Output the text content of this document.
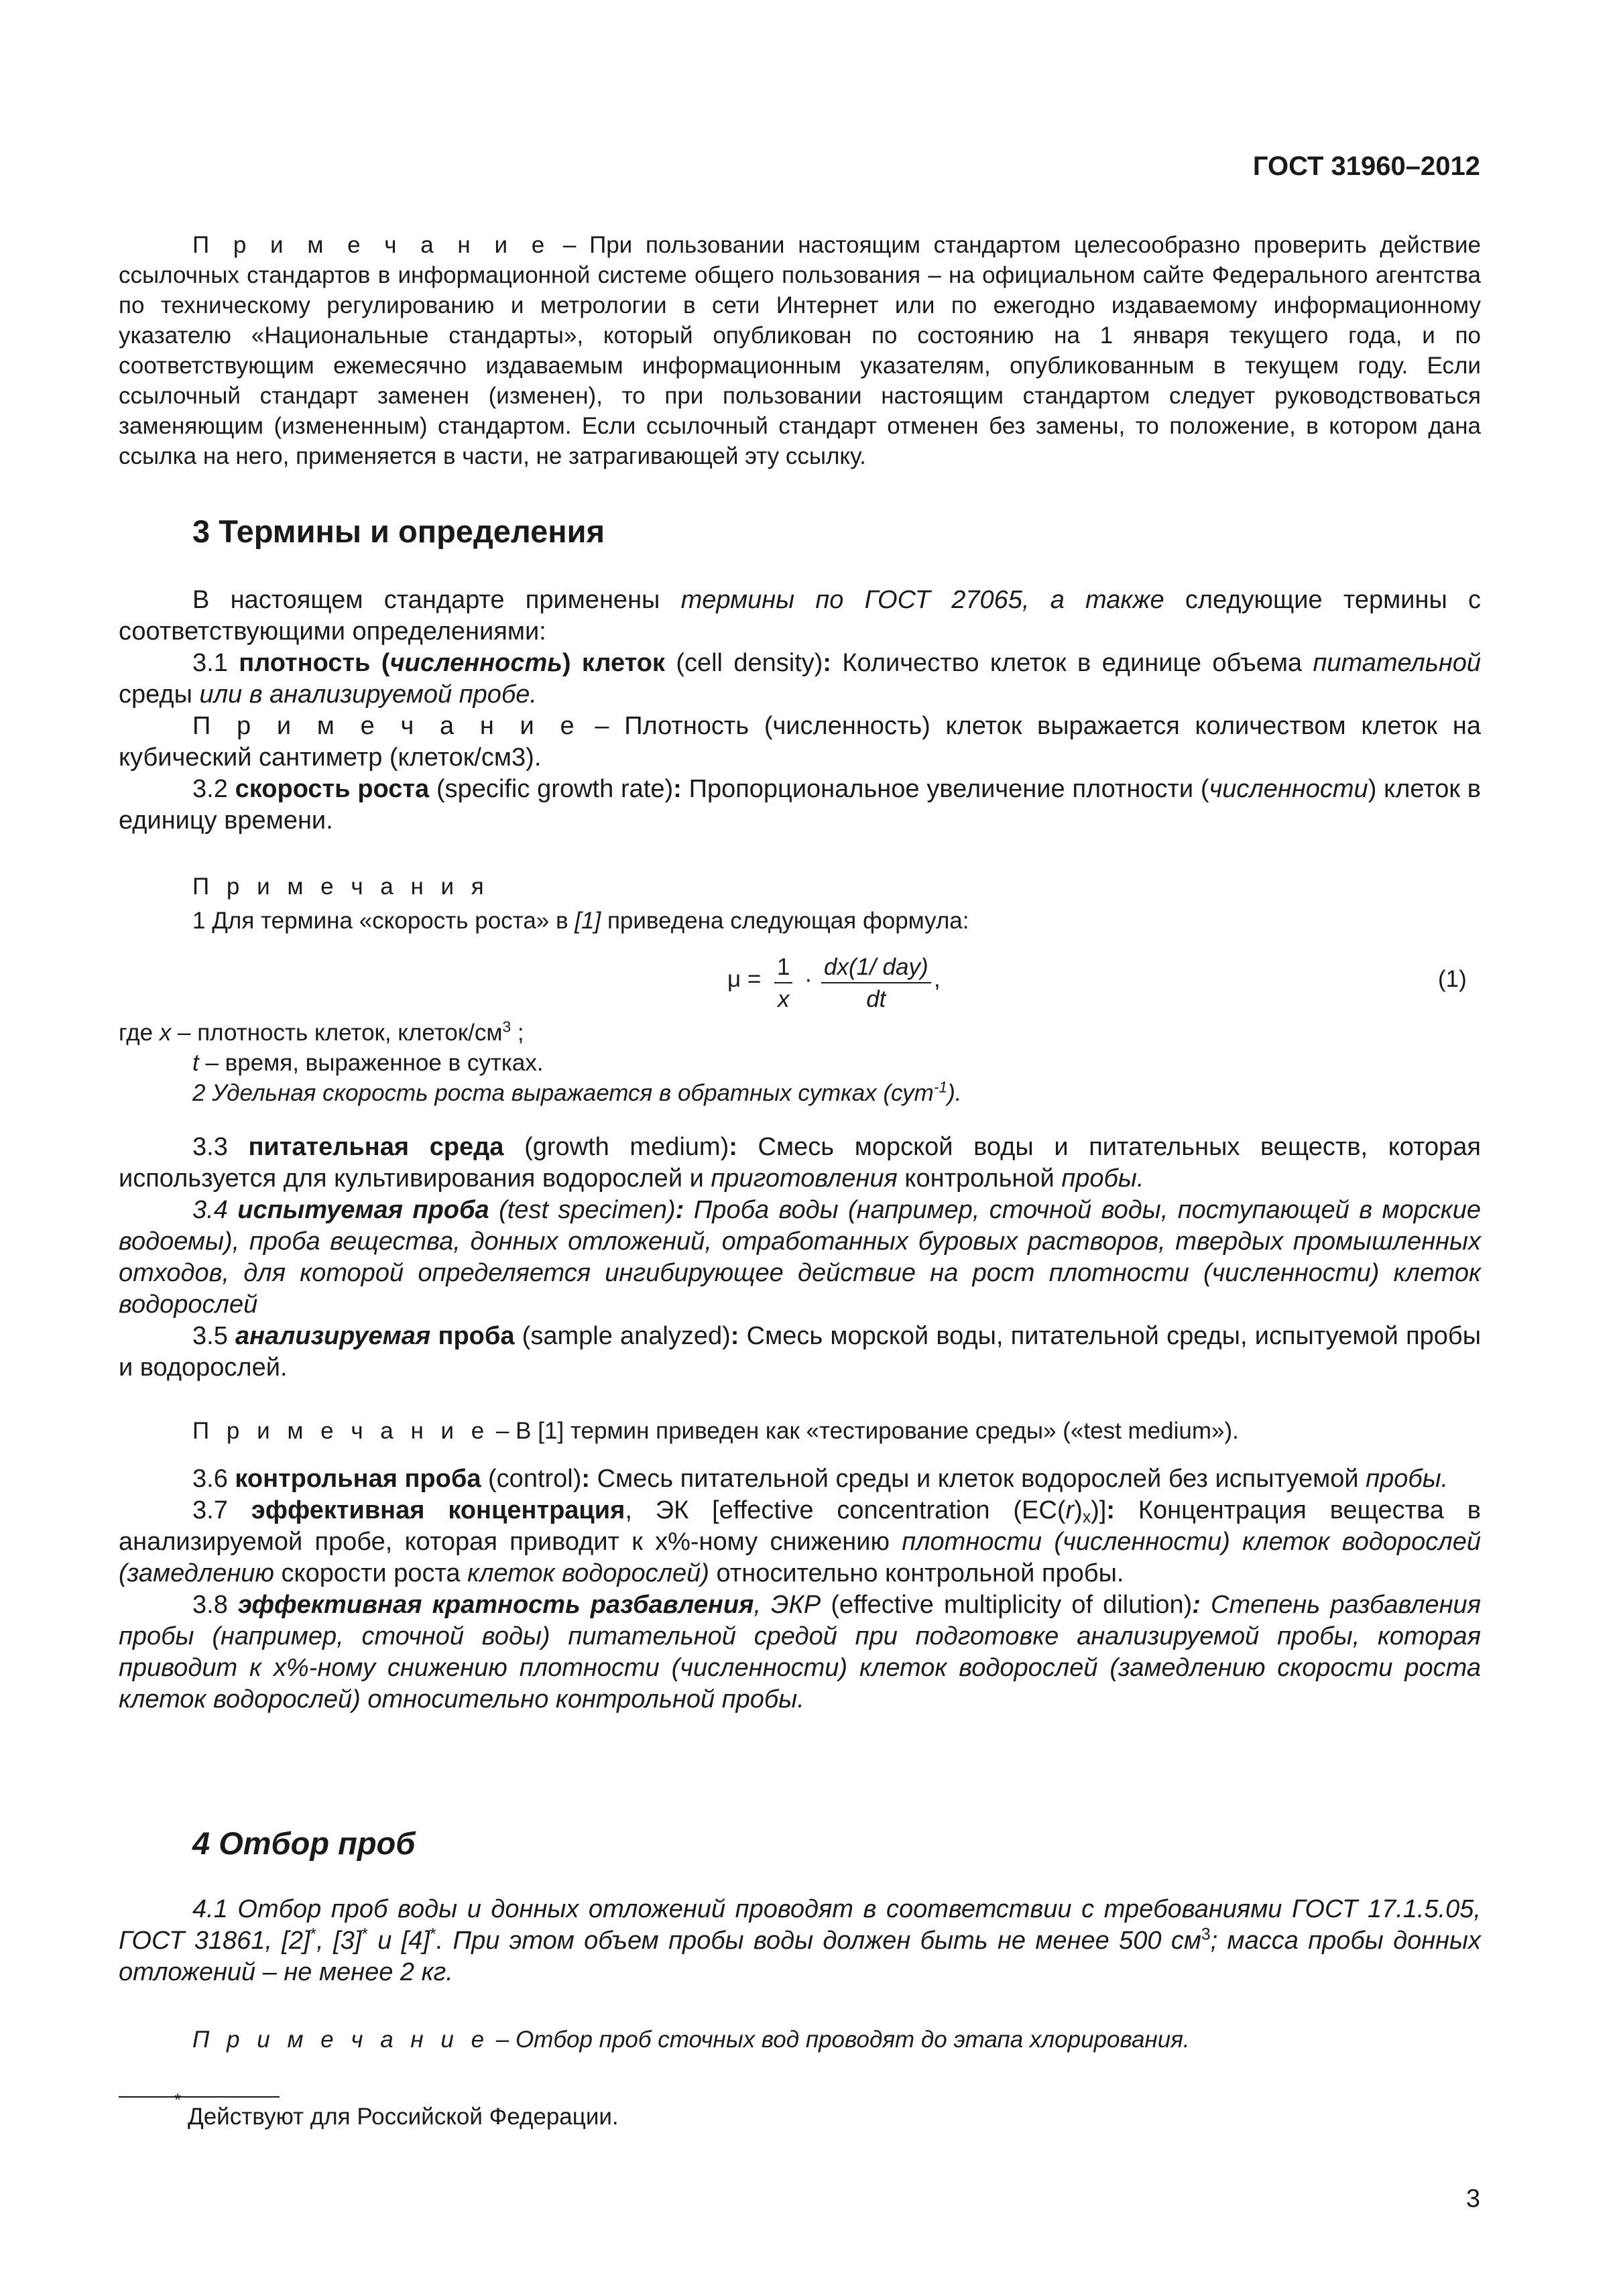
ГОСТ 31960–2012

П р и м е ч а н и е – При пользовании настоящим стандартом целесообразно проверить действие ссылочных стандартов в информационной системе общего пользования – на официальном сайте Федерального агентства по техническому регулированию и метрологии в сети Интернет или по ежегодно издаваемому информационному указателю «Национальные стандарты», который опубликован по состоянию на 1 января текущего года, и по соответствующим ежемесячно издаваемым информационным указателям, опубликованным в текущем году. Если ссылочный стандарт заменен (изменен), то при пользовании настоящим стандартом следует руководствоваться заменяющим (измененным) стандартом. Если ссылочный стандарт отменен без замены, то положение, в котором дана ссылка на него, применяется в части, не затрагивающей эту ссылку.

3 Термины и определения

В настоящем стандарте применены термины по ГОСТ 27065, а также следующие термины с соответствующими определениями:

3.1 плотность (численность) клеток (cell density): Количество клеток в единице объема питательной среды или в анализируемой пробе.

П р и м е ч а н и е – Плотность (численность) клеток выражается количеством клеток на кубический сантиметр (клеток/см3).

3.2 скорость роста (specific growth rate): Пропорциональное увеличение плотности (численности) клеток в единицу времени.

П р и м е ч а н и я

1 Для термина «скорость роста» в [1] приведена следующая формула:

$\mu = \frac{1}{x} \cdot dx(1/$ day)
dt
,	(1)

где x – плотность клеток, клеток/$см^3$ ;

t – время, выраженное в сутках.

2 Удельная скорость роста выражается в обратных сутках (сут$^{-1}$).

3.3 питательная среда (growth medium): Смесь морской воды и питательных веществ, которая используется для культивирования водорослей и приготовления контрольной пробы.

3.4 испытуемая проба (test specimen): Проба воды (например, сточной воды, поступающей в морские водоемы), проба вещества, донных отложений, отработанных буровых растворов, твердых промышленных отходов, для которой определяется ингибирующее действие на рост плотности (численности) клеток водорослей

3.5 анализируемая проба (sample analyzed): Смесь морской воды, питательной среды, испытуемой пробы и водорослей.

П р и м е ч а н и е – В [1] термин приведен как «тестирование среды» («test medium»).

3.6 контрольная проба (control): Смесь питательной среды и клеток водорослей без испытуемой пробы.

3.7 эффективная концентрация, ЭК [effective concentration $(EC(r)_x)$]: Концентрация вещества в анализируемой пробе, которая приводит к x%-ному снижению плотности (численности) клеток водорослей (замедлению скорости роста клеток водорослей) относительно контрольной пробы.

3.8 эффективная кратность разбавления, ЭКР (effective multiplicity of dilution): Степень разбавления пробы (например, сточной воды) питательной средой при подготовке анализируемой пробы, которая приводит к x%-ному снижению плотности (численности) клеток водорослей (замедлению скорости роста клеток водорослей) относительно контрольной пробы.

4 Отбор проб

4.1 Отбор проб воды и донных отложений проводят в соответствии с требованиями ГОСТ 17.1.5.05, ГОСТ 31861, [2]*, [3]* и [4]*. При этом объем пробы воды должен быть не менее 500 $см^3$; масса пробы донных отложений – не менее 2 кг.

П р и м е ч а н и е – Отбор проб сточных вод проводят до этапа хлорирования.

*
Действуют для Российской Федерации.
3
